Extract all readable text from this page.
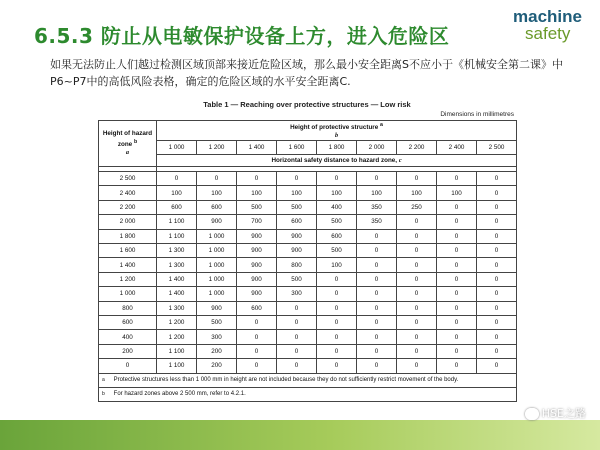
6.5.3 防止从电敏保护设备上方，进入危险区
machine
safety
如果无法防止人们越过检测区域顶部来接近危险区域，那么最小安全距离S不应小于《机械安全第二课》中
P6~P7中的高低风险表格，确定的危险区域的水平安全距离C.
Table 1 — Reaching over protective structures — Low risk
Dimensions in millimetres
Height of hazard zone $^b$
a	Height of protective structure $^a$
b								
	1 000	1 200	1 400	1 600	1 800	2 000	2 200	2 400	2 500
	Horizontal safety distance to hazard zone, c								

2 500	0	0	0	0	0	0	0	0	0
2 400	100	100	100	100	100	100	100	100	0
2 200	600	600	500	500	400	350	250	0	0
2 000	1 100	900	700	600	500	350	0	0	0
1 800	1 100	1 000	900	900	600	0	0	0	0
1 600	1 300	1 000	900	900	500	0	0	0	0
1 400	1 300	1 000	900	800	100	0	0	0	0
1 200	1 400	1 000	900	500	0	0	0	0	0
1 000	1 400	1 000	900	300	0	0	0	0	0
800	1 300	900	600	0	0	0	0	0	0
600	1 200	500	0	0	0	0	0	0	0
400	1 200	300	0	0	0	0	0	0	0
200	1 100	200	0	0	0	0	0	0	0
0	1 100	200	0	0	0	0	0	0	0
a Protective structures less than 1 000 mm in height are not included because they do not sufficiently restrict movement of the body.									
b For hazard zones above 2 500 mm, refer to 4.2.1.									
HSE之路
